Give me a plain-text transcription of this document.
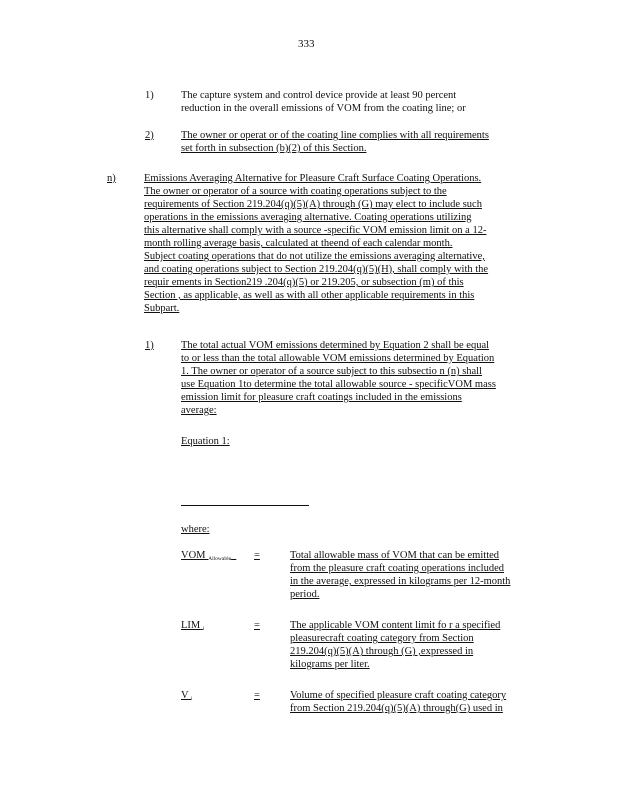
333
1)	The capture system and control device provide at least 90 percent
reduction in the overall emissions of VOM from the coating line; or
2)	The owner or operat or of the coating line complies with all requirements
set forth in subsection (b)(2) of this Section.
n)	Emissions Averaging Alternative for Pleasure Craft Surface Coating Operations.
The owner or operator of a source with coating operations subject to the
requirements of Section 219.204(q)(5)(A) through (G) may elect to include such
operations in the emissions averaging alternative. Coating operations utilizing
this alternative shall comply with a source -specific VOM emission limit on a 12-
month rolling average basis, calculated at theend of each calendar month.
Subject coating operations that do not utilize the emissions averaging alternative,
and coating operations subject to Section 219.204(q)(5)(H), shall comply with the
requir ements in Section219 .204(q)(5) or 219.205, or subsection (m) of this
Section , as applicable, as well as with all other applicable requirements in this
Subpart.
1)	The total actual VOM emissions determined by Equation 2 shall be equal
to or less than the total allowable VOM emissions determined by Equation
1. The owner or operator of a source subject to this subsectio n (n) shall
use Equation 1to determine the total allowable source - specificVOM mass
emission limit for pleasure craft coatings included in the emissions
average:
Equation 1:
where:
VOM $_{Allowable}$	=	Total allowable mass of VOM that can be emitted
from the pleasure craft coating operations included
in the average, expressed in kilograms per 12-month
period.
LIM $_i$	=	The applicable VOM content limit fo r a specified
pleasurecraft coating category from Section
219.204(q)(5)(A) through (G) ,expressed in
kilograms per liter.
V $_i$	=	Volume of specified pleasure craft coating category
from Section 219.204(q)(5)(A) through(G) used in
